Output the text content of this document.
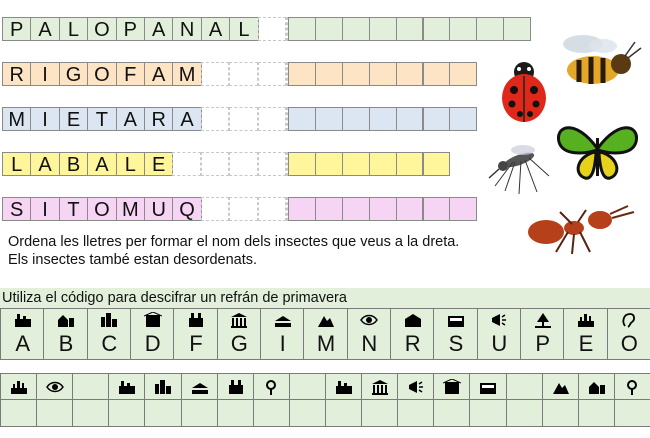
P A L O P A N A L
R I G O F A M
M I E T A R A
L A B A L E
S I T O M U Q
Ordena les lletres per formar el nom dels insectes que veus a la dreta.
Els insectes també estan desordenats.
Utiliza el código para descifrar un refrán de primavera
A	B	C	D	F	G	I	M	N	R	S	U	P	E	O
